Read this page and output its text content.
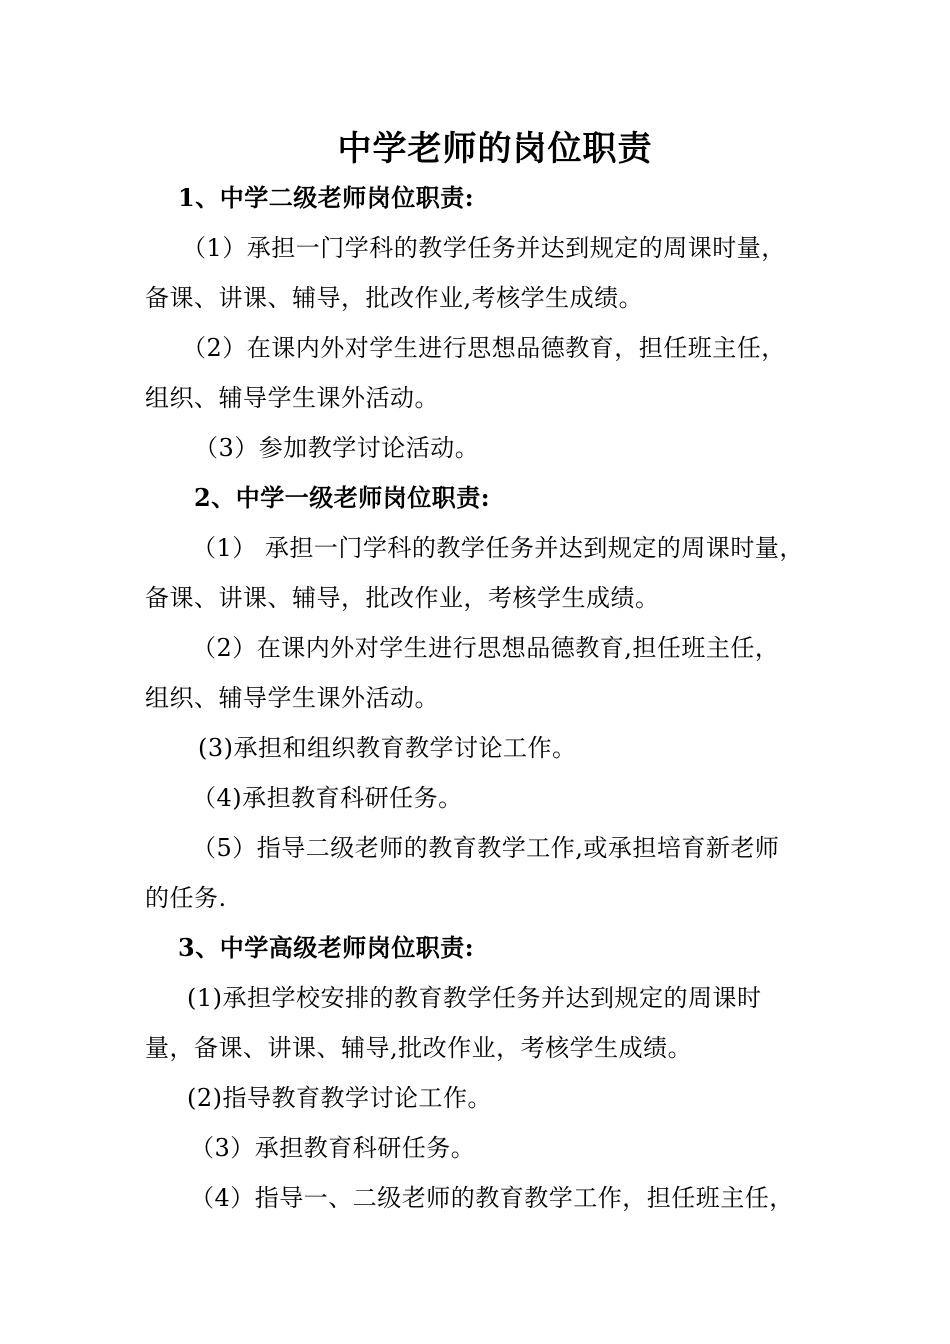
中学老师的岗位职责
1、中学二级老师岗位职责:
（1）承担一门学科的教学任务并达到规定的周课时量，
备课、讲课、辅导，批改作业,考核学生成绩。
（2）在课内外对学生进行思想品德教育，担任班主任，
组织、辅导学生课外活动。
（3）参加教学讨论活动。
2、中学一级老师岗位职责:
（1） 承担一门学科的教学任务并达到规定的周课时量，
备课、讲课、辅导，批改作业，考核学生成绩。
（2）在课内外对学生进行思想品德教育,担任班主任，
组织、辅导学生课外活动。
(3)承担和组织教育教学讨论工作。
（4)承担教育科研任务。
（5）指导二级老师的教育教学工作,或承担培育新老师
的任务.
3、中学高级老师岗位职责:
(1)承担学校安排的教育教学任务并达到规定的周课时
量，备课、讲课、辅导,批改作业，考核学生成绩。
(2)指导教育教学讨论工作。
（3）承担教育科研任务。
（4）指导一、二级老师的教育教学工作，担任班主任，
